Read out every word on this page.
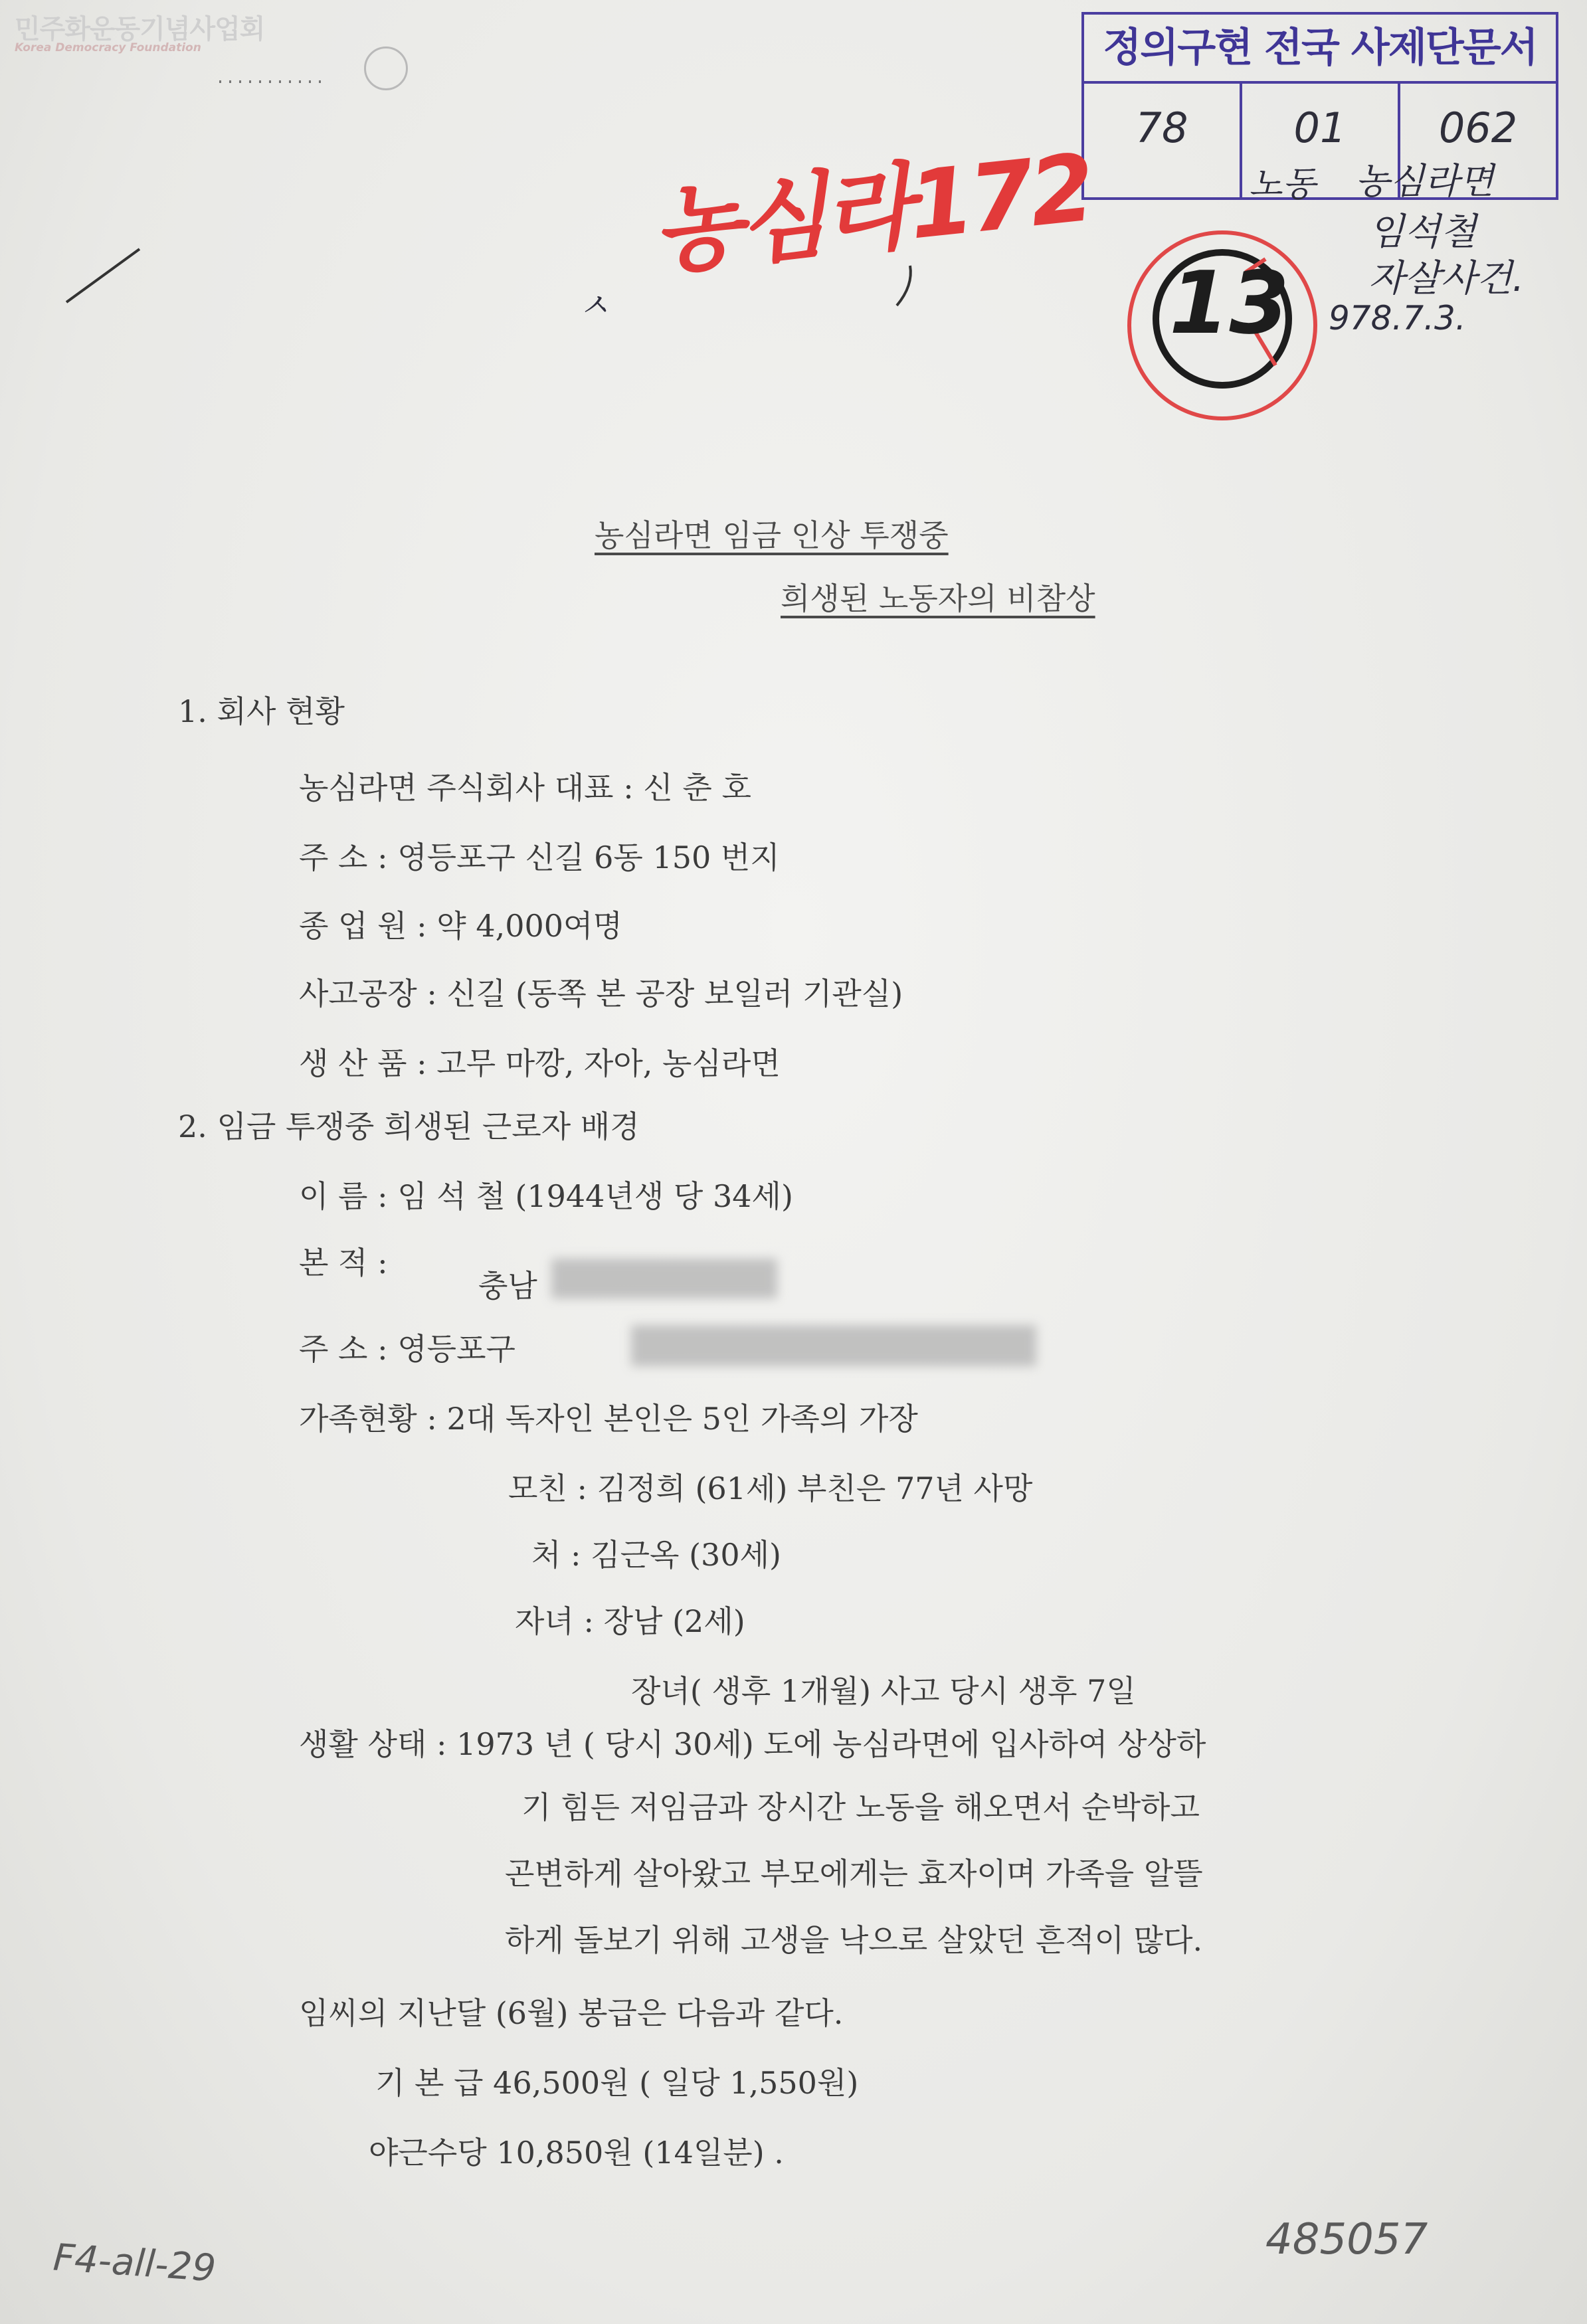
민주화운동기념사업회
Korea Democracy Foundation
ㅅ
정의구현 전국 사제단문서
78	01	062
노동 농심라면
임석철
자살사건.
978.7.3.
농심라172
13
농심라면 임금 인상 투쟁중
희생된 노동자의 비참상
1. 회사 현황
농심라면 주식회사 대표 : 신 춘 호
주 소 : 영등포구 신길 6동 150 번지
종 업 원 : 약 4,000여명
사고공장 : 신길 (동쪽 본 공장 보일러 기관실)
생 산 품 : 고무 마깡, 자아, 농심라면
2. 임금 투쟁중 희생된 근로자 배경
이 름 : 임 석 철 (1944년생 당 34세)
본 적 :
충남
주 소 : 영등포구
가족현황 : 2대 독자인 본인은 5인 가족의 가장
모친 : 김정희 (61세) 부친은 77년 사망
처 : 김근옥 (30세)
자녀 : 장남 (2세)
장녀( 생후 1개월) 사고 당시 생후 7일
생활 상태 : 1973 년 ( 당시 30세) 도에 농심라면에 입사하여 상상하
기 힘든 저임금과 장시간 노동을 해오면서 순박하고
곤변하게 살아왔고 부모에게는 효자이며 가족을 알뜰
하게 돌보기 위해 고생을 낙으로 살았던 흔적이 많다.
임씨의 지난달 (6월) 봉급은 다음과 같다.
기 본 급 46,500원 ( 일당 1,550원)
야근수당 10,850원 (14일분) .
F4-all-29	485057
